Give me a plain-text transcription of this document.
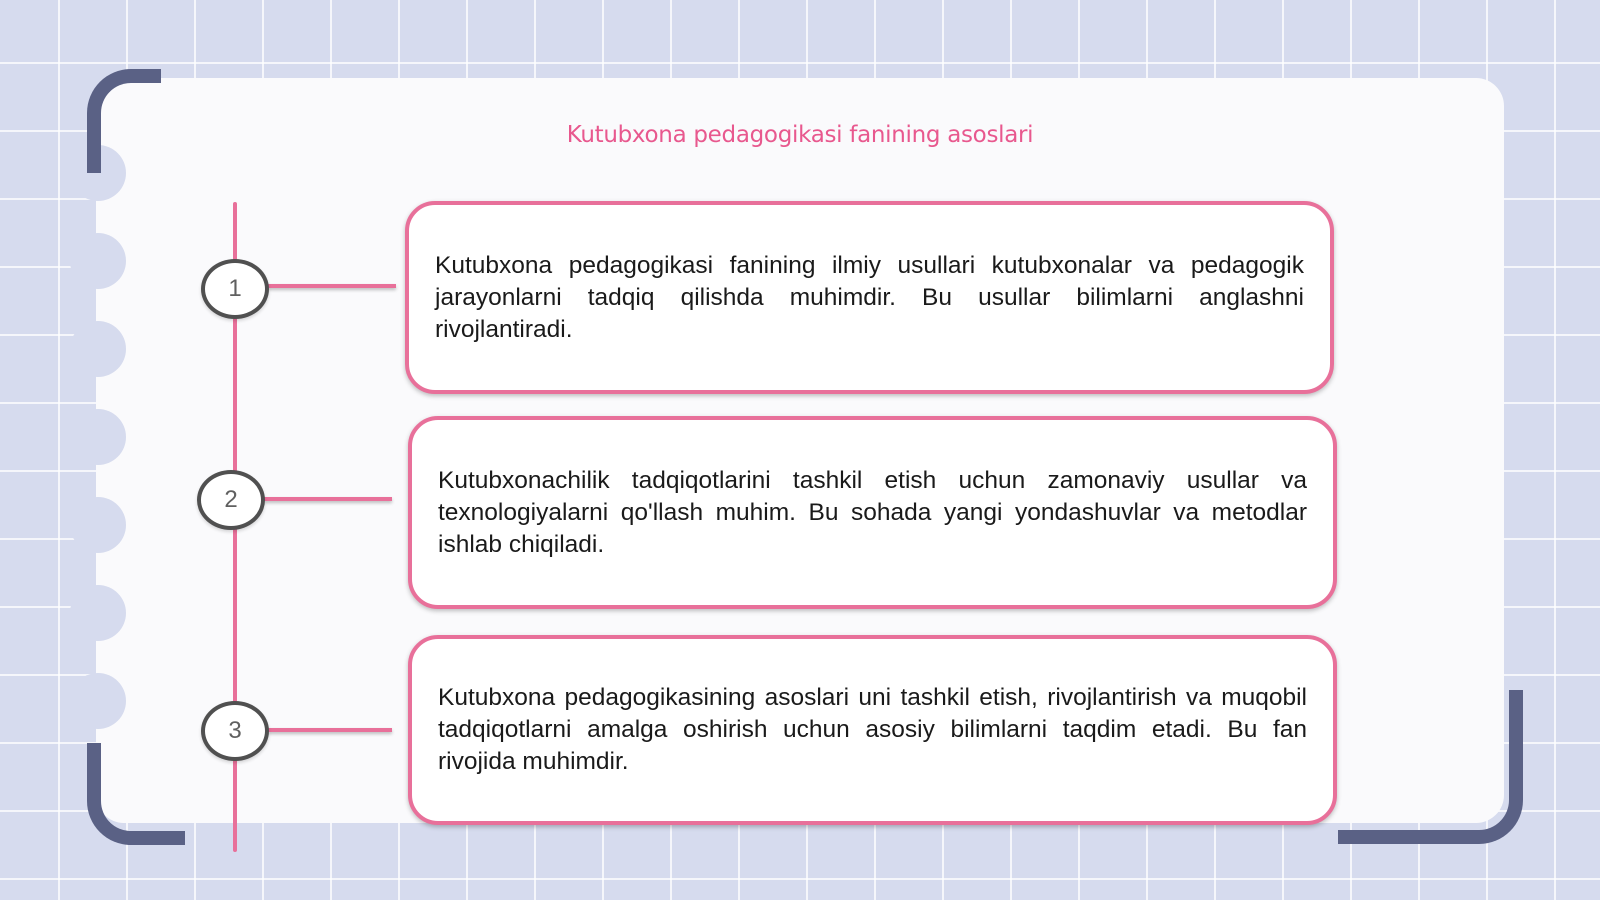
Kutubxona pedagogikasi fanining asoslari
1
Kutubxona pedagogikasi fanining ilmiy usullari kutubxonalar va pedagogik jarayonlarni tadqiq qilishda muhimdir. Bu usullar bilimlarni anglashni rivojlantiradi.
2
Kutubxonachilik tadqiqotlarini tashkil etish uchun zamonaviy usullar va texnologiyalarni qo'llash muhim. Bu sohada yangi yondashuvlar va metodlar ishlab chiqiladi.
3
Kutubxona pedagogikasining asoslari uni tashkil etish, rivojlantirish va muqobil tadqiqotlarni amalga oshirish uchun asosiy bilimlarni taqdim etadi. Bu fan rivojida muhimdir.
